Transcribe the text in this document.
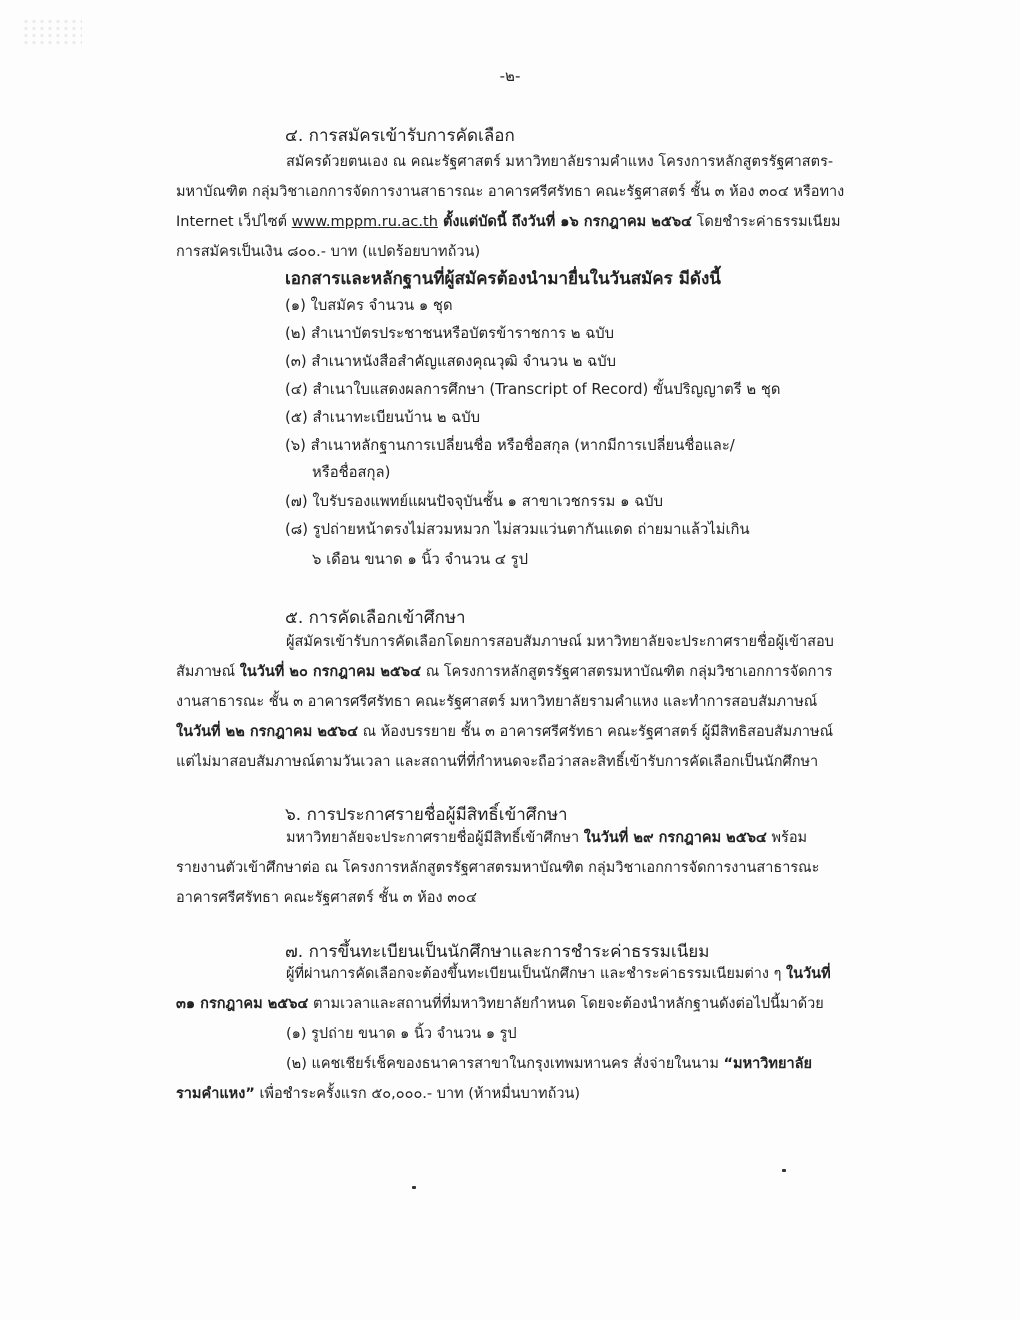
-๒-
๔. การสมัครเข้ารับการคัดเลือก
สมัครด้วยตนเอง ณ คณะรัฐศาสตร์ มหาวิทยาลัยรามคำแหง โครงการหลักสูตรรัฐศาสตร-
มหาบัณฑิต กลุ่มวิชาเอกการจัดการงานสาธารณะ อาคารศรีศรัทธา คณะรัฐศาสตร์ ชั้น ๓ ห้อง ๓๐๔ หรือทาง
Internet เว็ปไซต์ www.mppm.ru.ac.th ตั้งแต่บัดนี้ ถึงวันที่ ๑๖ กรกฎาคม ๒๕๖๔ โดยชำระค่าธรรมเนียม
การสมัครเป็นเงิน ๘๐๐.- บาท (แปดร้อยบาทถ้วน)
เอกสารและหลักฐานที่ผู้สมัครต้องนำมายื่นในวันสมัคร มีดังนี้
(๑) ใบสมัคร จำนวน ๑ ชุด
(๒) สำเนาบัตรประชาชนหรือบัตรข้าราชการ ๒ ฉบับ
(๓) สำเนาหนังสือสำคัญแสดงคุณวุฒิ จำนวน ๒ ฉบับ
(๔) สำเนาใบแสดงผลการศึกษา (Transcript of Record) ขั้นปริญญาตรี ๒ ชุด
(๕) สำเนาทะเบียนบ้าน ๒ ฉบับ
(๖) สำเนาหลักฐานการเปลี่ยนชื่อ หรือชื่อสกุล (หากมีการเปลี่ยนชื่อและ/
หรือชื่อสกุล)
(๗) ใบรับรองแพทย์แผนปัจจุบันชั้น ๑ สาขาเวชกรรม ๑ ฉบับ
(๘) รูปถ่ายหน้าตรงไม่สวมหมวก ไม่สวมแว่นตากันแดด ถ่ายมาแล้วไม่เกิน
๖ เดือน ขนาด ๑ นิ้ว จำนวน ๔ รูป
๕. การคัดเลือกเข้าศึกษา
ผู้สมัครเข้ารับการคัดเลือกโดยการสอบสัมภาษณ์ มหาวิทยาลัยจะประกาศรายชื่อผู้เข้าสอบ
สัมภาษณ์ ในวันที่ ๒๐ กรกฎาคม ๒๕๖๔ ณ โครงการหลักสูตรรัฐศาสตรมหาบัณฑิต กลุ่มวิชาเอกการจัดการ
งานสาธารณะ ชั้น ๓ อาคารศรีศรัทธา คณะรัฐศาสตร์ มหาวิทยาลัยรามคำแหง และทำการสอบสัมภาษณ์
ในวันที่ ๒๒ กรกฎาคม ๒๕๖๔ ณ ห้องบรรยาย ชั้น ๓ อาคารศรีศรัทธา คณะรัฐศาสตร์ ผู้มีสิทธิสอบสัมภาษณ์
แต่ไม่มาสอบสัมภาษณ์ตามวันเวลา และสถานที่ที่กำหนดจะถือว่าสละสิทธิ์เข้ารับการคัดเลือกเป็นนักศึกษา
๖. การประกาศรายชื่อผู้มีสิทธิ์เข้าศึกษา
มหาวิทยาลัยจะประกาศรายชื่อผู้มีสิทธิ์เข้าศึกษา ในวันที่ ๒๙ กรกฎาคม ๒๕๖๔ พร้อม
รายงานตัวเข้าศึกษาต่อ ณ โครงการหลักสูตรรัฐศาสตรมหาบัณฑิต กลุ่มวิชาเอกการจัดการงานสาธารณะ
อาคารศรีศรัทธา คณะรัฐศาสตร์ ชั้น ๓ ห้อง ๓๐๔
๗. การขึ้นทะเบียนเป็นนักศึกษาและการชำระค่าธรรมเนียม
ผู้ที่ผ่านการคัดเลือกจะต้องขึ้นทะเบียนเป็นนักศึกษา และชำระค่าธรรมเนียมต่าง ๆ ในวันที่
๓๑ กรกฎาคม ๒๕๖๔ ตามเวลาและสถานที่ที่มหาวิทยาลัยกำหนด โดยจะต้องนำหลักฐานดังต่อไปนี้มาด้วย
(๑) รูปถ่าย ขนาด ๑ นิ้ว จำนวน ๑ รูป
(๒) แคชเชียร์เช็คของธนาคารสาขาในกรุงเทพมหานคร สั่งจ่ายในนาม “มหาวิทยาลัย
รามคำแหง” เพื่อชำระครั้งแรก ๕๐,๐๐๐.- บาท (ห้าหมื่นบาทถ้วน)
